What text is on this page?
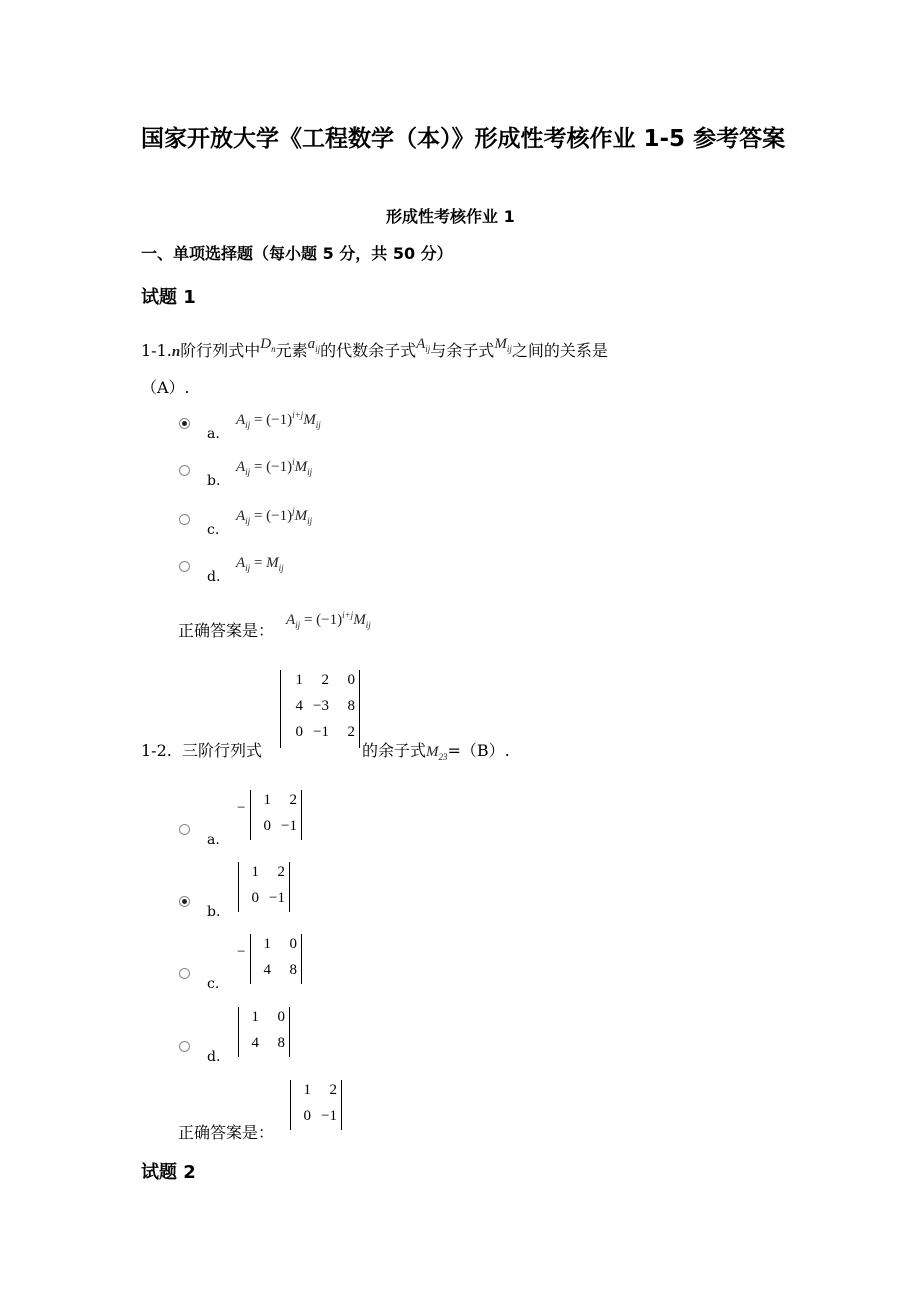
国家开放大学《工程数学（本）》形成性考核作业 1-5 参考答案
形成性考核作业 1
一、单项选择题（每小题 5 分，共 50 分）
试题 1
1-1.n阶行列式中$D_n$元素$a_{ij}$的代数余子式$A_{ij}$与余子式$M_{ij}$之间的关系是
（A）.
a.
$A_{ij} = (-1)^{i+j}M_{ij}$
b.
$A_{ij} = (-1)^iM_{ij}$
c.
$A_{ij} = (-1)^jM_{ij}$
d.
$A_{ij} = M_{ij}$
正确答案是：
$A_{ij} = (-1)^{i+j}M_{ij}$
1-2. 三阶行列式
1 2 0
4 −3 8
0 −1 2
的余子式$M_{23}=(B)$.
a.
− 1 2
0 −1
b.
1 2
0 −1
c.
− 1 0
4 8
d.
1 0
4 8
正确答案是：
1 2
0 −1
试题 2
